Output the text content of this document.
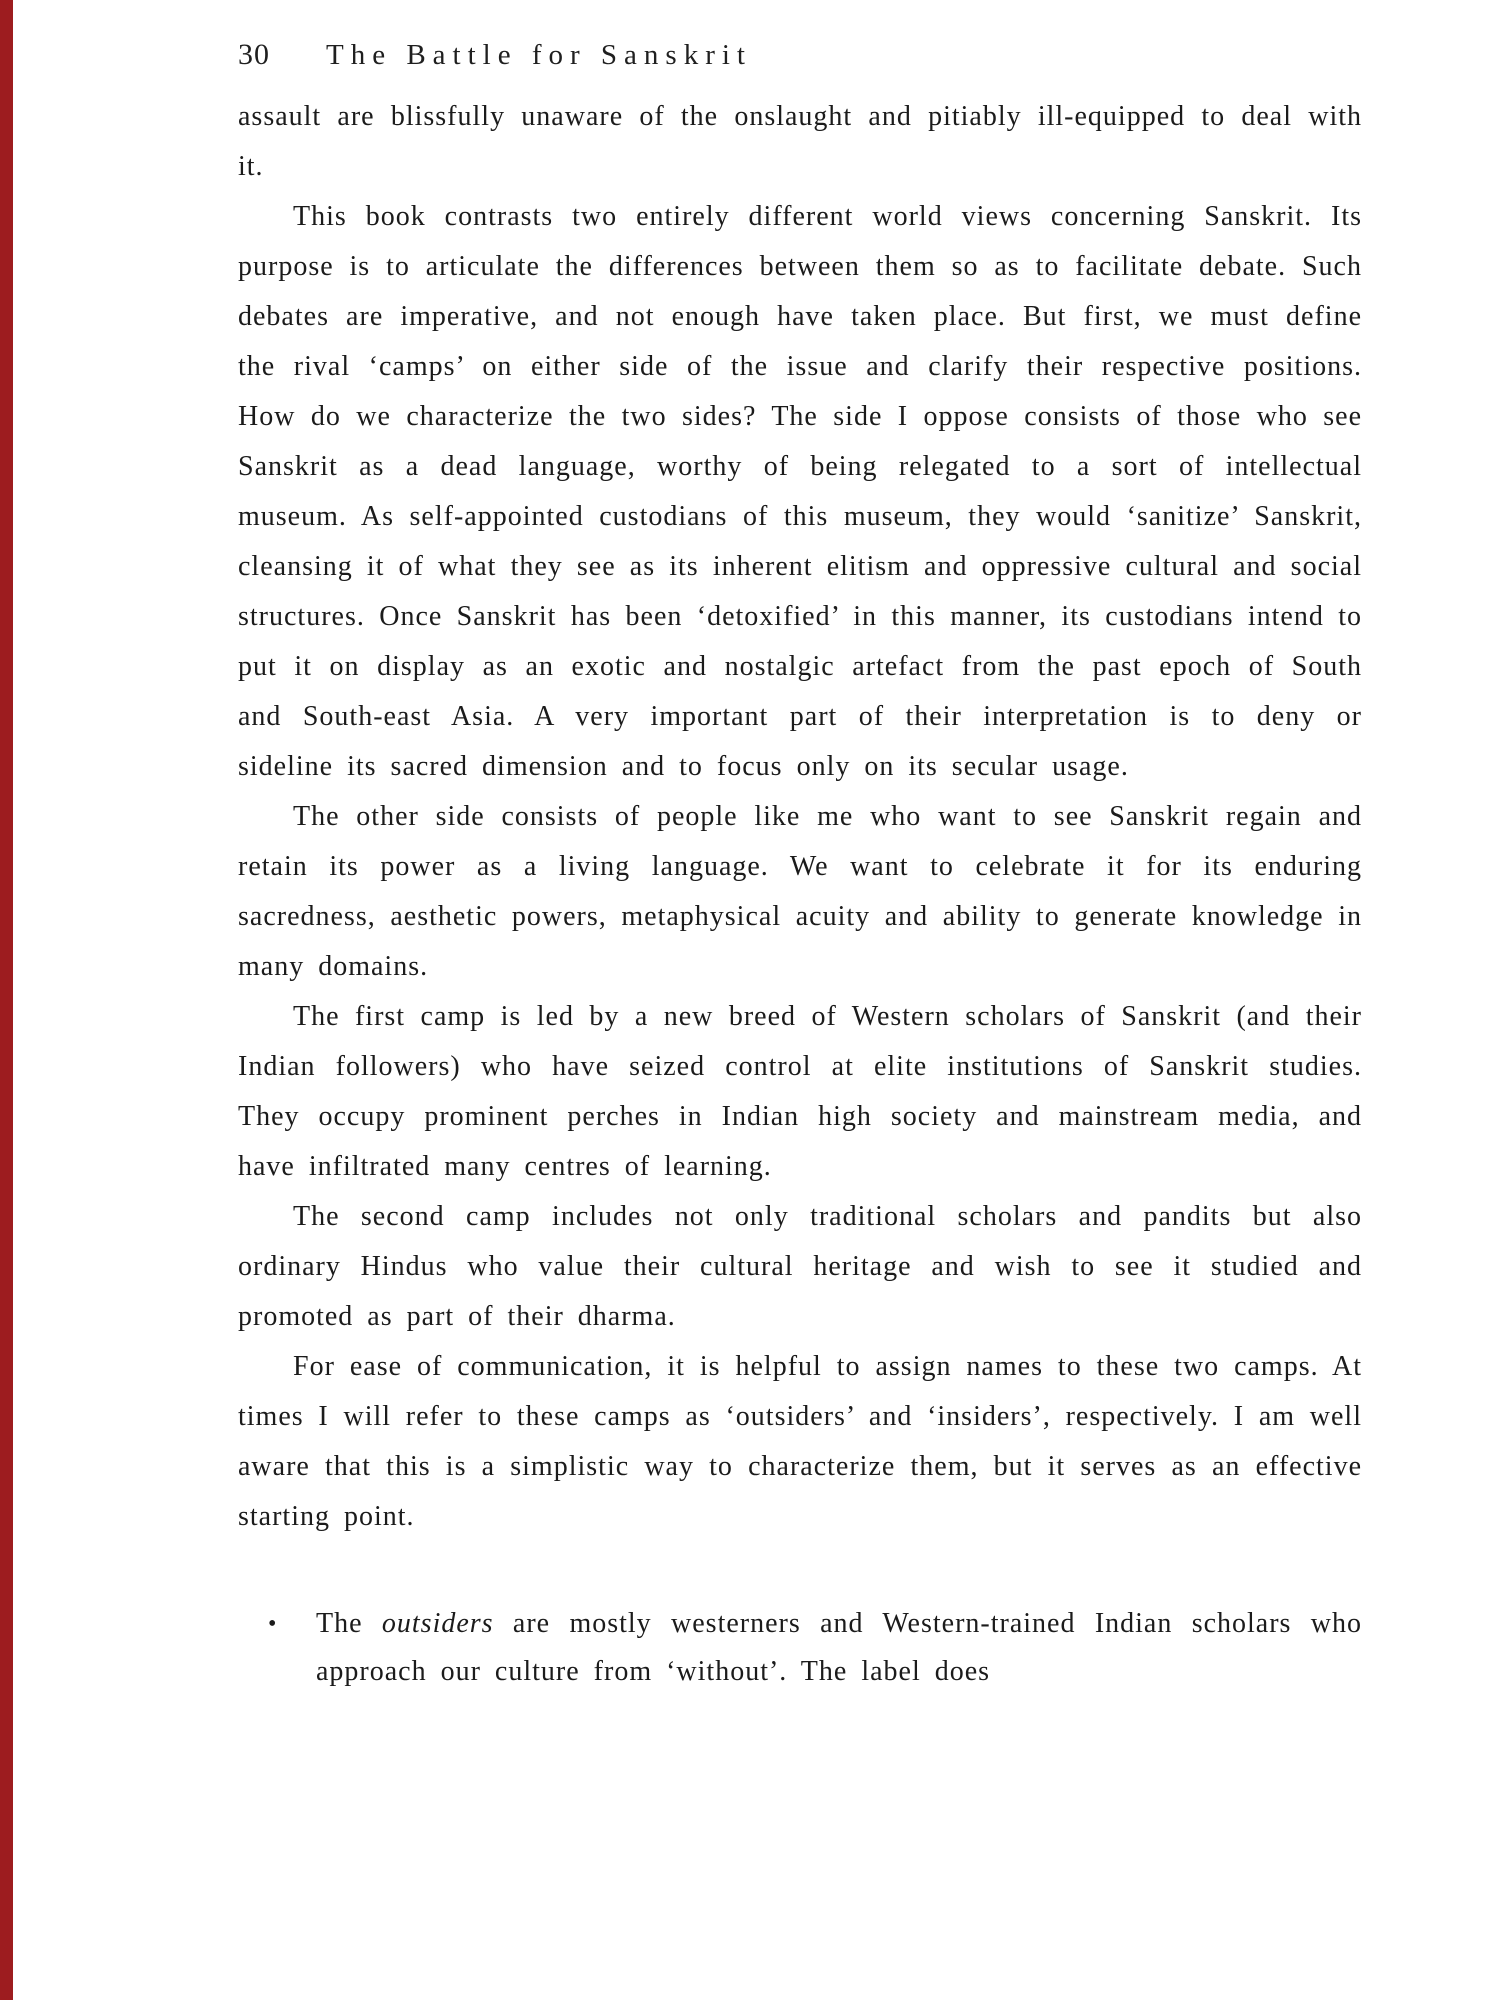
30 The Battle for Sanskrit

assault are blissfully unaware of the onslaught and pitiably ill-equipped to deal with it.

This book contrasts two entirely different world views concerning Sanskrit. Its purpose is to articulate the differences between them so as to facilitate debate. Such debates are imperative, and not enough have taken place. But first, we must define the rival ‘camps’ on either side of the issue and clarify their respective positions. How do we characterize the two sides? The side I oppose consists of those who see Sanskrit as a dead language, worthy of being relegated to a sort of intellectual museum. As self-appointed custodians of this museum, they would ‘sanitize’ Sanskrit, cleansing it of what they see as its inherent elitism and oppressive cultural and social structures. Once Sanskrit has been ‘detoxified’ in this manner, its custodians intend to put it on display as an exotic and nostalgic artefact from the past epoch of South and South-east Asia. A very important part of their interpretation is to deny or sideline its sacred dimension and to focus only on its secular usage.

The other side consists of people like me who want to see Sanskrit regain and retain its power as a living language. We want to celebrate it for its enduring sacredness, aesthetic powers, metaphysical acuity and ability to generate knowledge in many domains.

The first camp is led by a new breed of Western scholars of Sanskrit (and their Indian followers) who have seized control at elite institutions of Sanskrit studies. They occupy prominent perches in Indian high society and mainstream media, and have infiltrated many centres of learning.

The second camp includes not only traditional scholars and pandits but also ordinary Hindus who value their cultural heritage and wish to see it studied and promoted as part of their dharma.

For ease of communication, it is helpful to assign names to these two camps. At times I will refer to these camps as ‘outsiders’ and ‘insiders’, respectively. I am well aware that this is a simplistic way to characterize them, but it serves as an effective starting point.

• The outsiders are mostly westerners and Western-trained Indian scholars who approach our culture from ‘without’. The label does
